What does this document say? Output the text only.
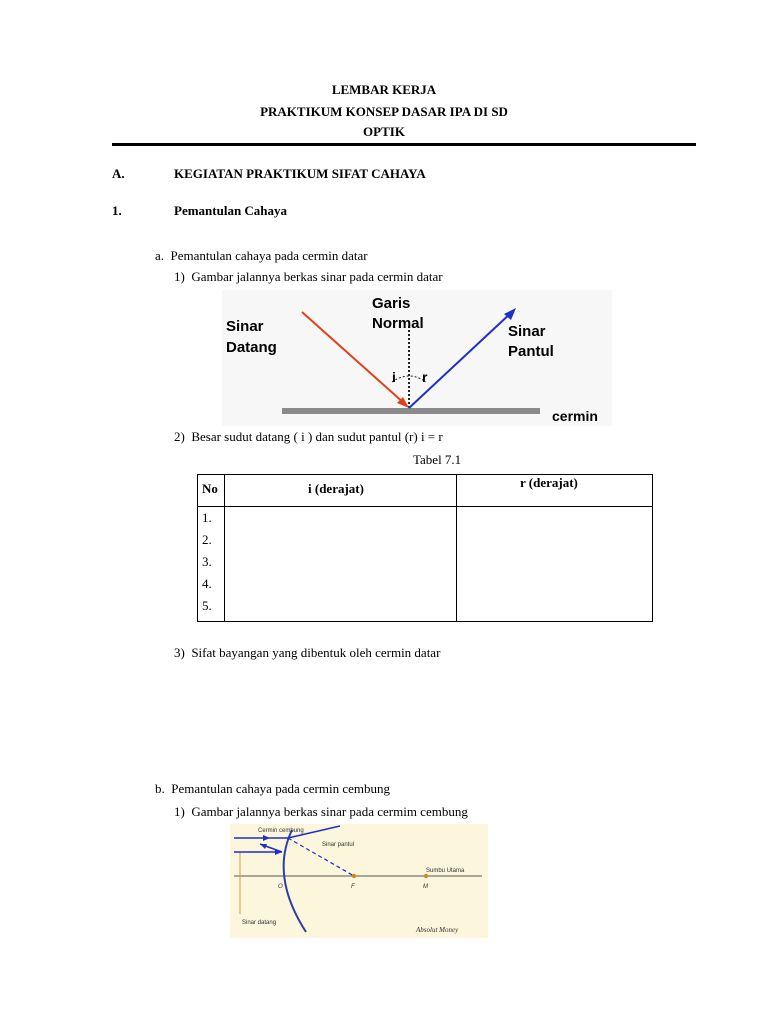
LEMBAR KERJA
PRAKTIKUM KONSEP DASAR IPA DI SD
OPTIK
A.	KEGIATAN PRAKTIKUM SIFAT CAHAYA
1.	Pemantulan Cahaya
a.  Pemantulan cahaya pada cermin datar
1)  Gambar jalannya berkas sinar pada cermin datar
Garis
Normal
Sinar
Datang
Sinar
Pantul
i r
cermin
2)  Besar sudut datang ( i ) dan sudut pantul (r) i = r
Tabel 7.1
No	i (derajat)	r (derajat)
1.
2.
3.
4.
5.
3)  Sifat bayangan yang dibentuk oleh cermin datar
b.  Pemantulan cahaya pada cermin cembung
1)  Gambar jalannya berkas sinar pada cermim cembung
Cermin cembung
Sinar pantul
Sumbu Utama
Sinar datang
O	F	M
Absolut Money
